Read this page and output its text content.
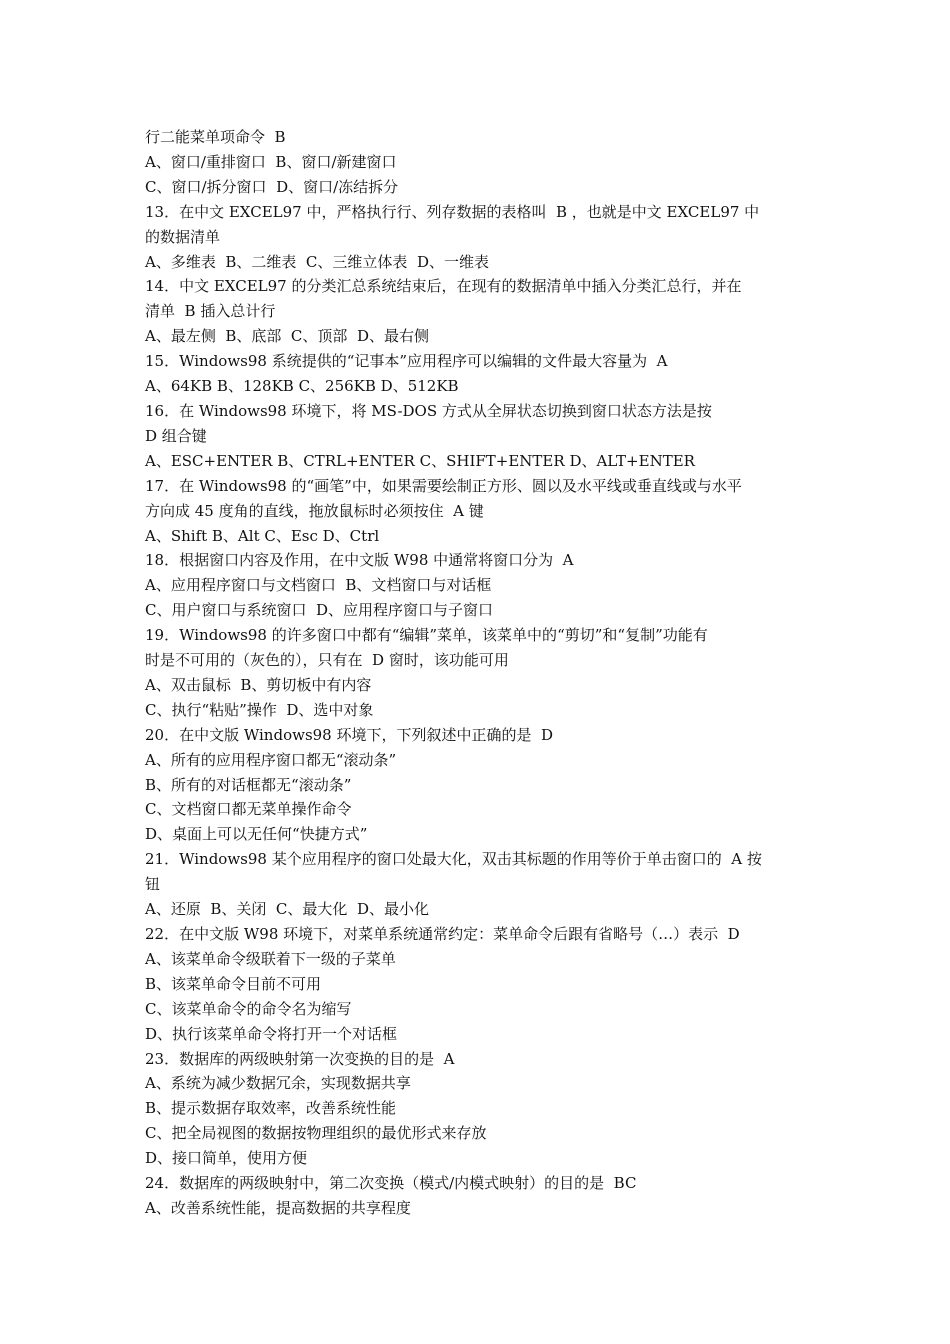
行二能菜单项命令  B
A、窗口/重排窗口  B、窗口/新建窗口
C、窗口/拆分窗口  D、窗口/冻结拆分
13．在中文 EXCEL97 中，严格执行行、列存数据的表格叫  B ，也就是中文 EXCEL97 中
的数据清单
A、多维表  B、二维表  C、三维立体表  D、一维表
14．中文 EXCEL97 的分类汇总系统结束后，在现有的数据清单中插入分类汇总行，并在
清单  B 插入总计行
A、最左侧  B、底部  C、顶部  D、最右侧
15．Windows98 系统提供的“记事本”应用程序可以编辑的文件最大容量为  A
A、64KB B、128KB C、256KB D、512KB
16．在 Windows98 环境下，将 MS-DOS 方式从全屏状态切换到窗口状态方法是按
D 组合键
A、ESC+ENTER B、CTRL+ENTER C、SHIFT+ENTER D、ALT+ENTER
17．在 Windows98 的“画笔”中，如果需要绘制正方形、圆以及水平线或垂直线或与水平
方向成 45 度角的直线，拖放鼠标时必须按住  A 键
A、Shift B、Alt C、Esc D、Ctrl
18．根据窗口内容及作用，在中文版 W98 中通常将窗口分为  A
A、应用程序窗口与文档窗口  B、文档窗口与对话框
C、用户窗口与系统窗口  D、应用程序窗口与子窗口
19．Windows98 的许多窗口中都有“编辑”菜单，该菜单中的“剪切”和“复制”功能有
时是不可用的（灰色的），只有在  D 窗时，该功能可用
A、双击鼠标  B、剪切板中有内容
C、执行“粘贴”操作  D、选中对象
20．在中文版 Windows98 环境下，下列叙述中正确的是  D
A、所有的应用程序窗口都无“滚动条”
B、所有的对话框都无“滚动条”
C、文档窗口都无菜单操作命令
D、桌面上可以无任何“快捷方式”
21．Windows98 某个应用程序的窗口处最大化，双击其标题的作用等价于单击窗口的  A 按
钮
A、还原  B、关闭  C、最大化  D、最小化
22．在中文版 W98 环境下，对菜单系统通常约定：菜单命令后跟有省略号（…）表示  D
A、该菜单命令级联着下一级的子菜单
B、该菜单命令目前不可用
C、该菜单命令的命令名为缩写
D、执行该菜单命令将打开一个对话框
23．数据库的两级映射第一次变换的目的是  A
A、系统为减少数据冗余，实现数据共享
B、提示数据存取效率，改善系统性能
C、把全局视图的数据按物理组织的最优形式来存放
D、接口简单，使用方便
24．数据库的两级映射中，第二次变换（模式/内模式映射）的目的是  BC
A、改善系统性能，提高数据的共享程度
